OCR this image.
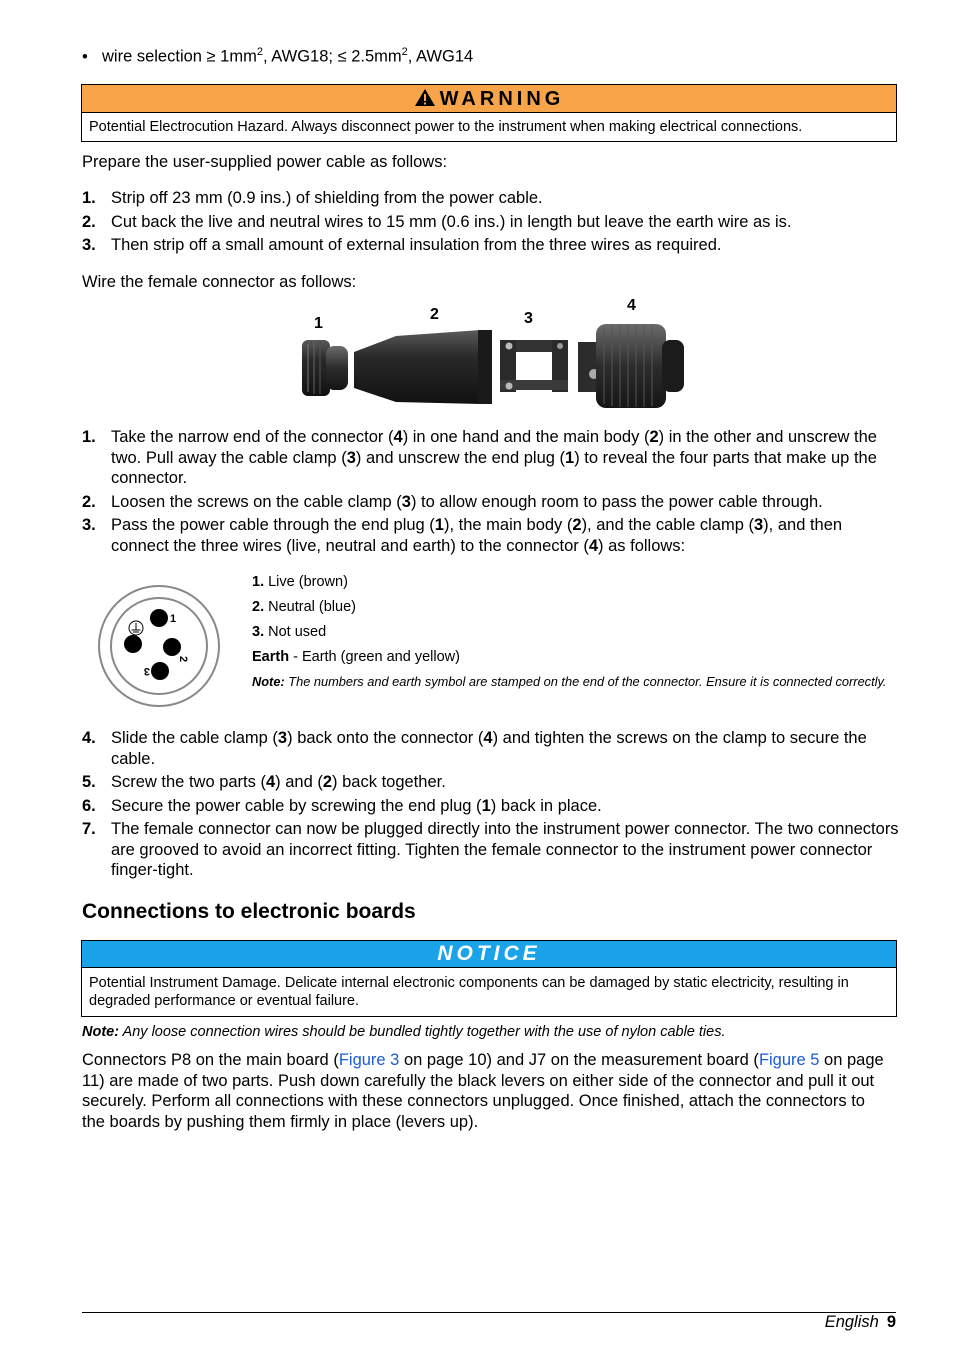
• wire selection ≥ $1mm^2$, AWG18; ≤ $2.5mm^2$, AWG14
WARNING
Potential Electrocution Hazard. Always disconnect power to the instrument when making electrical connections.

Prepare the user-supplied power cable as follows:

1. Strip off 23 mm (0.9 ins.) of shielding from the power cable.
2. Cut back the live and neutral wires to 15 mm (0.6 ins.) in length but leave the earth wire as is.
3. Then strip off a small amount of external insulation from the three wires as required.

Wire the female connector as follows:

1
2	3
4
1. Take the narrow end of the connector (4) in one hand and the main body (2) in the other and unscrew the two. Pull away the cable clamp (3) and unscrew the end plug (1) to reveal the four parts that make up the connector.
2. Loosen the screws on the cable clamp (3) to allow enough room to pass the power cable through.
3. Pass the power cable through the end plug (1), the main body (2), and the cable clamp (3), and then connect the three wires (live, neutral and earth) to the connector (4) as follows:
1
2
3
1. Live (brown)
2. Neutral (blue)
3. Not used
Earth - Earth (green and yellow)
Note: The numbers and earth symbol are stamped on the end of the connector. Ensure it is connected correctly.
4. Slide the cable clamp (3) back onto the connector (4) and tighten the screws on the clamp to secure the cable.
5. Screw the two parts (4) and (2) back together.
6. Secure the power cable by screwing the end plug (1) back in place.
7. The female connector can now be plugged directly into the instrument power connector. The two connectors are grooved to avoid an incorrect fitting. Tighten the female connector to the instrument power connector finger-tight.
Connections to electronic boards
NOTICE
Potential Instrument Damage. Delicate internal electronic components can be damaged by static electricity, resulting in degraded performance or eventual failure.
Note: Any loose connection wires should be bundled tightly together with the use of nylon cable ties.

Connectors P8 on the main board (Figure 3 on page 10) and J7 on the measurement board (Figure 5 on page 11) are made of two parts. Push down carefully the black levers on either side of the connector and pull it out securely. Perform all connections with these connectors unplugged. Once finished, attach the connectors to the boards by pushing them firmly in place (levers up).

English 9
